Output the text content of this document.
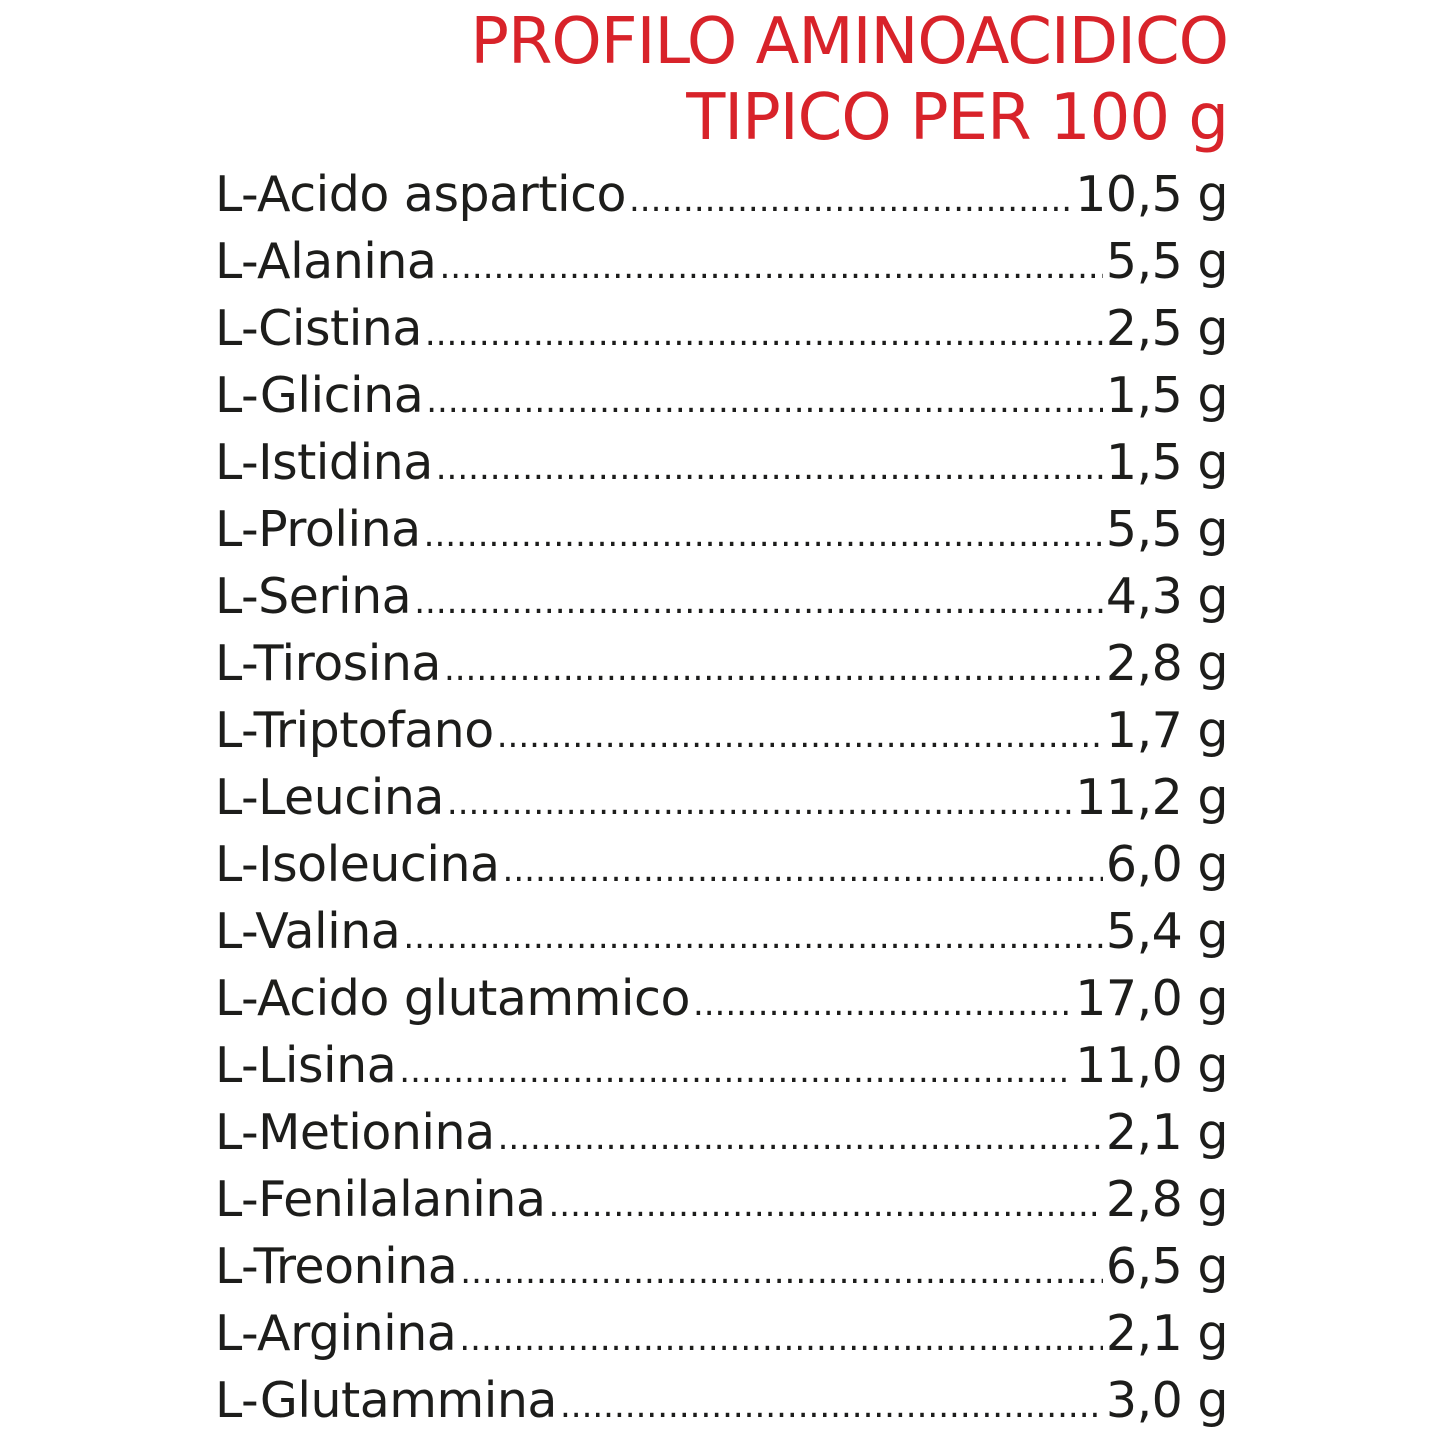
PROFILO AMINOACIDICO
TIPICO PER 100 g
L-Acido aspartico .....	10,5 g
L-Alanina .....	5,5 g
L-Cistina .....	2,5 g
L-Glicina .....	1,5 g
L-Istidina .....	1,5 g
L-Prolina .....	5,5 g
L-Serina .....	4,3 g
L-Tirosina .....	2,8 g
L-Triptofano .....	1,7 g
L-Leucina .....	11,2 g
L-Isoleucina .....	6,0 g
L-Valina .....	5,4 g
L-Acido glutammico .....	17,0 g
L-Lisina .....	11,0 g
L-Metionina .....	2,1 g
L-Fenilalanina .....	2,8 g
L-Treonina .....	6,5 g
L-Arginina .....	2,1 g
L-Glutammina .....	3,0 g
